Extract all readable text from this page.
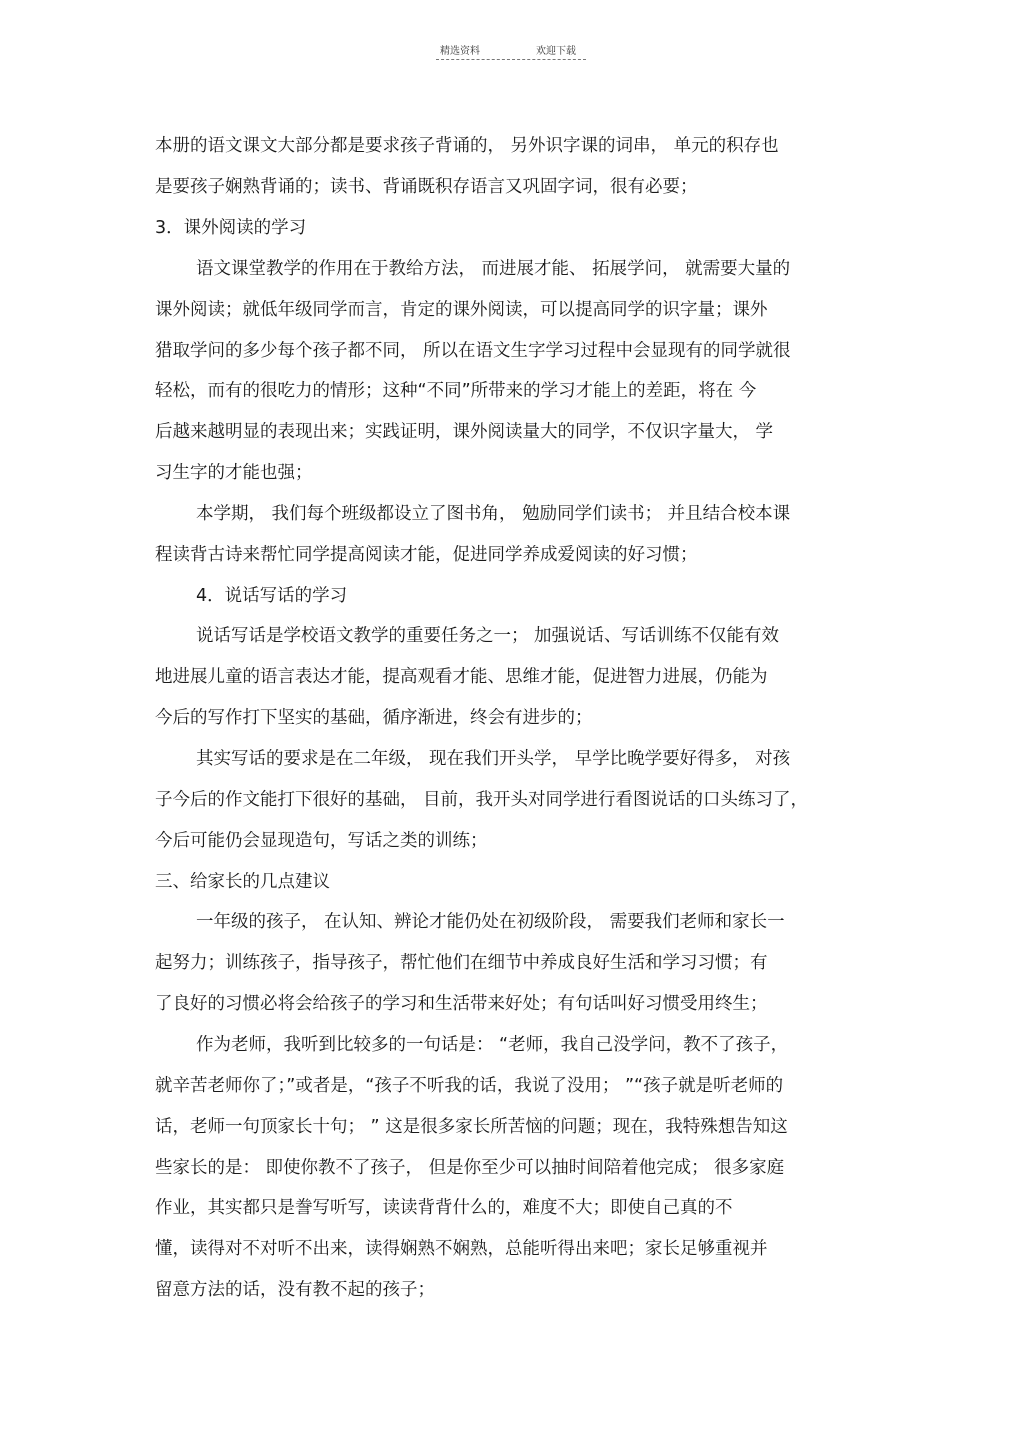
精选资料	欢迎下载
本册的语文课文大部分都是要求孩子背诵的， 另外识字课的词串， 单元的积存也
是要孩子娴熟背诵的；读书、背诵既积存语言又巩固字词，很有必要；
3．课外阅读的学习
语文课堂教学的作用在于教给方法， 而进展才能、 拓展学问， 就需要大量的
课外阅读；就低年级同学而言，肯定的课外阅读，可以提高同学的识字量；课外
猎取学问的多少每个孩子都不同， 所以在语文生字学习过程中会显现有的同学就很
轻松，而有的很吃力的情形；这种“不同”所带来的学习才能上的差距，将在 今
后越来越明显的表现出来；实践证明，课外阅读量大的同学，不仅识字量大， 学
习生字的才能也强；
本学期， 我们每个班级都设立了图书角， 勉励同学们读书； 并且结合校本课
程读背古诗来帮忙同学提高阅读才能，促进同学养成爱阅读的好习惯；
4．说话写话的学习
说话写话是学校语文教学的重要任务之一； 加强说话、写话训练不仅能有效
地进展儿童的语言表达才能，提高观看才能、思维才能，促进智力进展，仍能为
今后的写作打下坚实的基础，循序渐进，终会有进步的；
其实写话的要求是在二年级， 现在我们开头学， 早学比晚学要好得多， 对孩
子今后的作文能打下很好的基础， 目前，我开头对同学进行看图说话的口头练习了，
今后可能仍会显现造句，写话之类的训练；
三、给家长的几点建议
一年级的孩子， 在认知、辨论才能仍处在初级阶段， 需要我们老师和家长一
起努力；训练孩子，指导孩子，帮忙他们在细节中养成良好生活和学习习惯；有
了良好的习惯必将会给孩子的学习和生活带来好处；有句话叫好习惯受用终生；
作为老师，我听到比较多的一句话是： “老师，我自己没学问，教不了孩子，
就辛苦老师你了；”或者是，“孩子不听我的话，我说了没用； ”“孩子就是听老师的
话，老师一句顶家长十句； ” 这是很多家长所苦恼的问题；现在，我特殊想告知这
些家长的是： 即使你教不了孩子， 但是你至少可以抽时间陪着他完成； 很多家庭
作业，其实都只是誊写听写，读读背背什么的，难度不大；即使自己真的不
懂，读得对不对听不出来，读得娴熟不娴熟，总能听得出来吧；家长足够重视并
留意方法的话，没有教不起的孩子；
